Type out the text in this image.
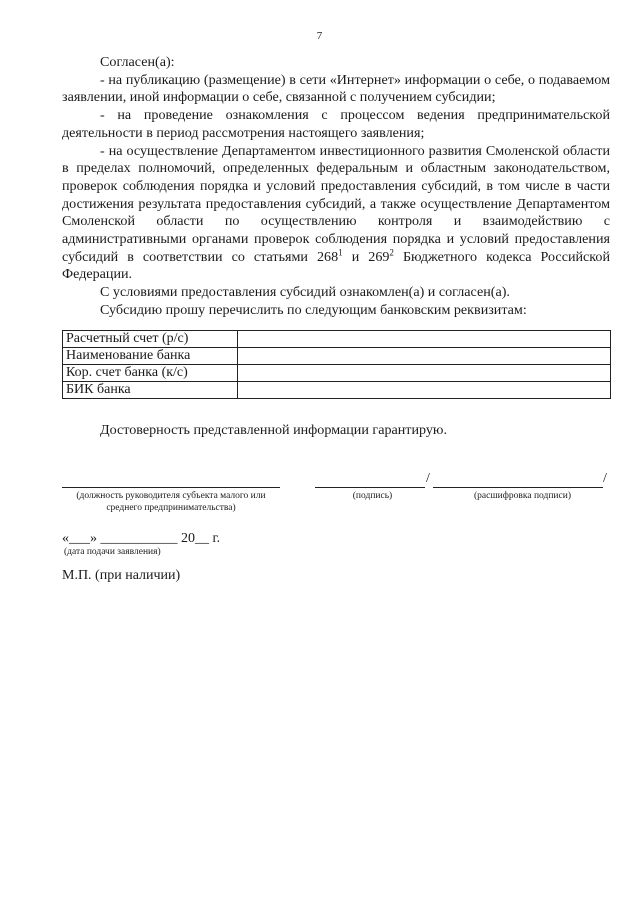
7

Согласен(а):

- на публикацию (размещение) в сети «Интернет» информации о себе, о подаваемом заявлении, иной информации о себе, связанной с получением субсидии;

- на проведение ознакомления с процессом ведения предпринимательской деятельности в период рассмотрения настоящего заявления;

- на осуществление Департаментом инвестиционного развития Смоленской области в пределах полномочий, определенных федеральным и областным законодательством, проверок соблюдения порядка и условий предоставления субсидий, в том числе в части достижения результата предоставления субсидий, а также осуществление Департаментом Смоленской области по осуществлению контроля и взаимодействию с административными органами проверок соблюдения порядка и условий предоставления субсидий в соответствии со статьями $268^1$ и $269^2$ Бюджетного кодекса Российской Федерации.

С условиями предоставления субсидий ознакомлен(а) и согласен(а).

Субсидию прошу перечислить по следующим банковским реквизитам:

Расчетный счет (р/с)	
Наименование банка	
Кор. счет банка (к/с)	
БИК банка	
Достоверность представленной информации гарантирую.
/	/
(должность руководителя субъекта малого или среднего предпринимательства)
(подпись)	(расшифровка подписи)
«___» ___________ 20__ г.
(дата подачи заявления)
М.П. (при наличии)
